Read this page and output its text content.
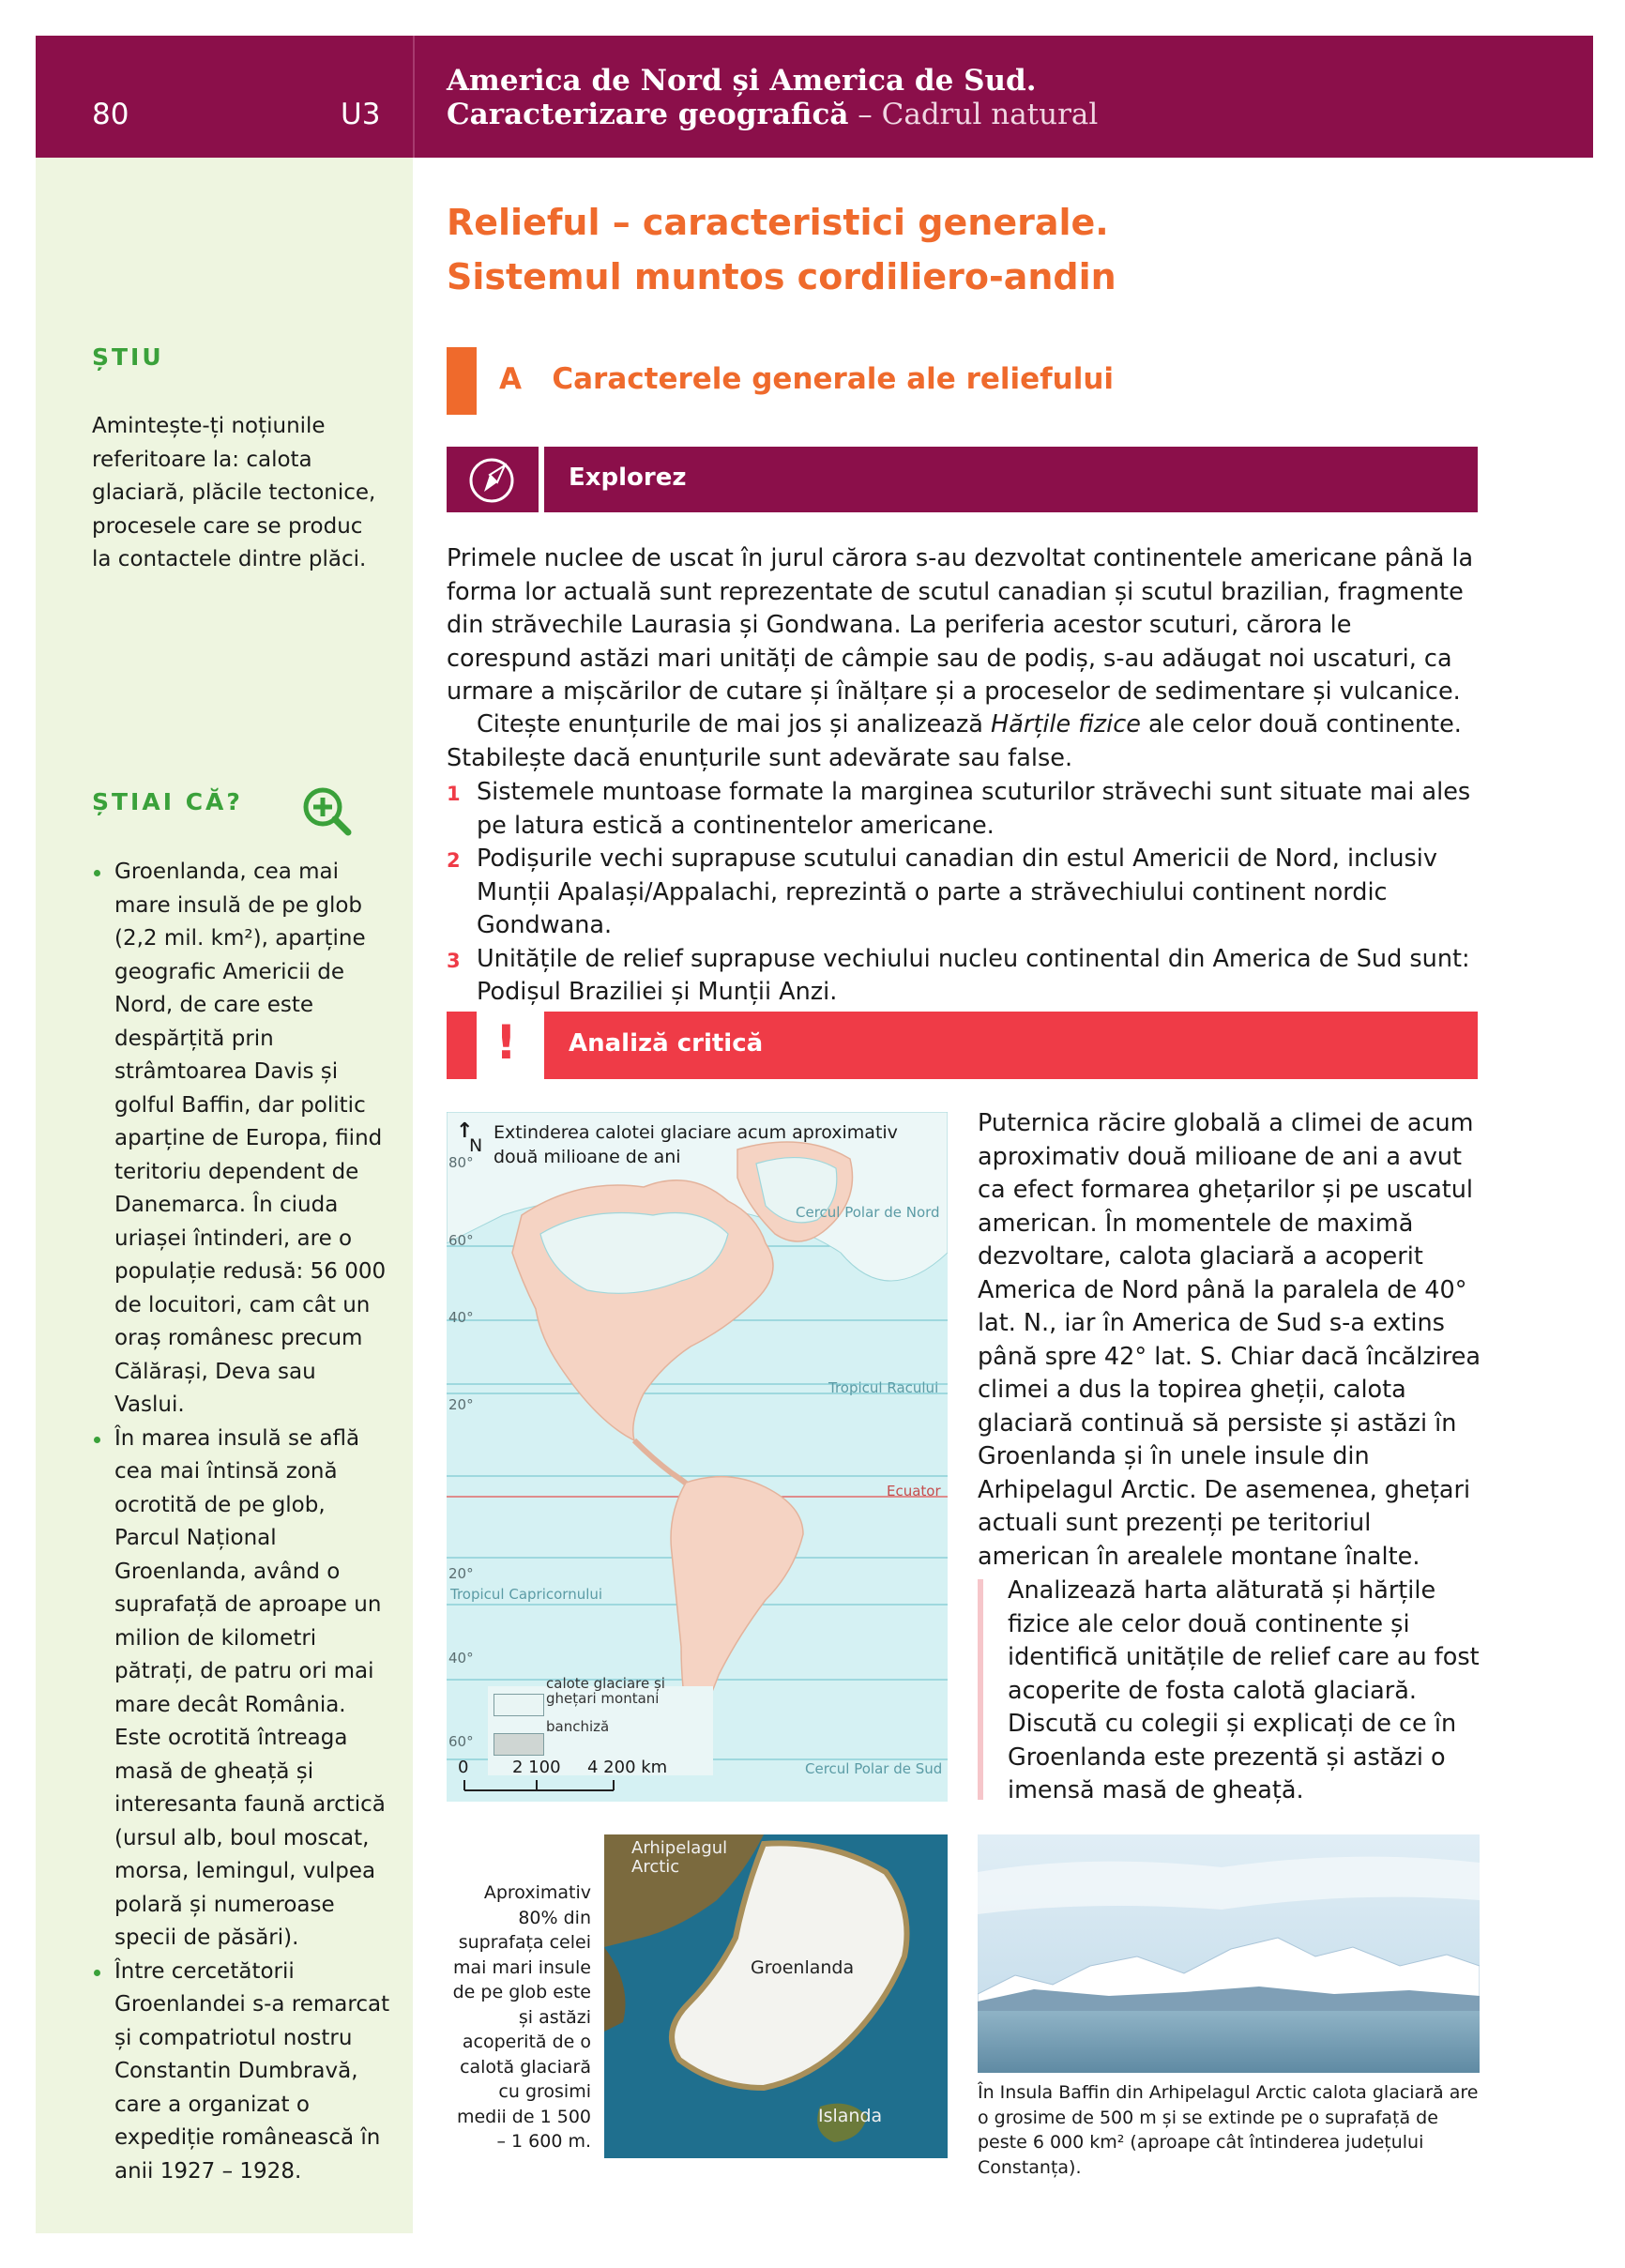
80	U3
America de Nord și America de Sud.
Caracterizare geografică – Cadrul natural
ȘTIU
Amintește-ți noțiunile referitoare la: calota glaciară, plăcile tectonice, procesele care se produc la contactele dintre plăci.
ȘTIAI CĂ?
Groenlanda, cea mai mare insulă de pe glob (2,2 mil. km²), aparține geografic Americii de Nord, de care este despărțită prin strâmtoarea Davis și golful Baffin, dar politic aparține de Europa, fiind teritoriu dependent de Danemarca. În ciuda uriașei întinderi, are o populație redusă: 56 000 de locuitori, cam cât un oraș românesc precum Călărași, Deva sau Vaslui.
În marea insulă se află cea mai întinsă zonă ocrotită de pe glob, Parcul Național Groenlanda, având o suprafață de aproape un milion de kilometri pătrați, de patru ori mai mare decât România. Este ocrotită întreaga masă de gheață și interesanta faună arctică (ursul alb, boul moscat, morsa, lemingul, vulpea polară și numeroase specii de păsări).
Între cercetătorii Groenlandei s-a remarcat și compatriotul nostru Constantin Dumbravă, care a organizat o expediție românească în anii 1927 – 1928.
Relieful – caracteristici generale.
Sistemul muntos cordiliero-andin
A Caracterele generale ale reliefului
Explorez
Primele nuclee de uscat în jurul cărora s-au dezvoltat continentele americane până la forma lor actuală sunt reprezentate de scutul canadian și scutul brazilian, fragmente din străvechile Laurasia și Gondwana. La periferia acestor scuturi, cărora le corespund astăzi mari unități de câmpie sau de podiș, s-au adăugat noi uscaturi, ca urmare a mișcărilor de cutare și înălțare și a proceselor de sedimentare și vulcanice.
Citește enunțurile de mai jos și analizează Hărțile fizice ale celor două continente. Stabilește dacă enunțurile sunt adevărate sau false.
1 Sistemele muntoase formate la marginea scuturilor străvechi sunt situate mai ales pe latura estică a continentelor americane.
2 Podișurile vechi suprapuse scutului canadian din estul Americii de Nord, inclusiv Munții Apalași/Appalachi, reprezintă o parte a străvechiului continent nordic Gondwana.
3 Unitățile de relief suprapuse vechiului nucleu continental din America de Sud sunt: Podișul Braziliei și Munții Anzi.
! Analiză critică
↑
N
Extinderea calotei glaciare acum aproximativ două milioane de ani
80°
60°
40°
20°
20°
40°
60°
Cercul Polar de Nord
Tropicul Racului
Ecuator
Tropicul Capricornului
Cercul Polar de Sud
calote glaciare și ghețari montani
banchiză
0	2 100 4 200 km
Puternica răcire globală a climei de acum aproximativ două milioane de ani a avut ca efect formarea ghețarilor și pe uscatul american. În momentele de maximă dezvoltare, calota glaciară a acoperit America de Nord până la paralela de 40° lat. N., iar în America de Sud s-a extins până spre 42° lat. S. Chiar dacă încălzirea climei a dus la topirea gheții, calota glaciară continuă să persiste și astăzi în Groenlanda și în unele insule din Arhipelagul Arctic. De asemenea, ghețari actuali sunt prezenți pe teritoriul american în arealele montane înalte.
Analizează harta alăturată și hărțile fizice ale celor două continente și identifică unitățile de relief care au fost acoperite de fosta calotă glaciară.
Discută cu colegii și explicați de ce în Groenlanda este prezentă și astăzi o imensă masă de gheață.
Aproximativ 80% din suprafața celei mai mari insule de pe glob este și astăzi acoperită de o calotă glaciară cu grosimi medii de 1 500 – 1 600 m.
Arhipelagul Arctic
Groenlanda
Islanda
În Insula Baffin din Arhipelagul Arctic calota glaciară are o grosime de 500 m și se extinde pe o suprafață de peste 6 000 km² (aproape cât întinderea județului Constanța).
